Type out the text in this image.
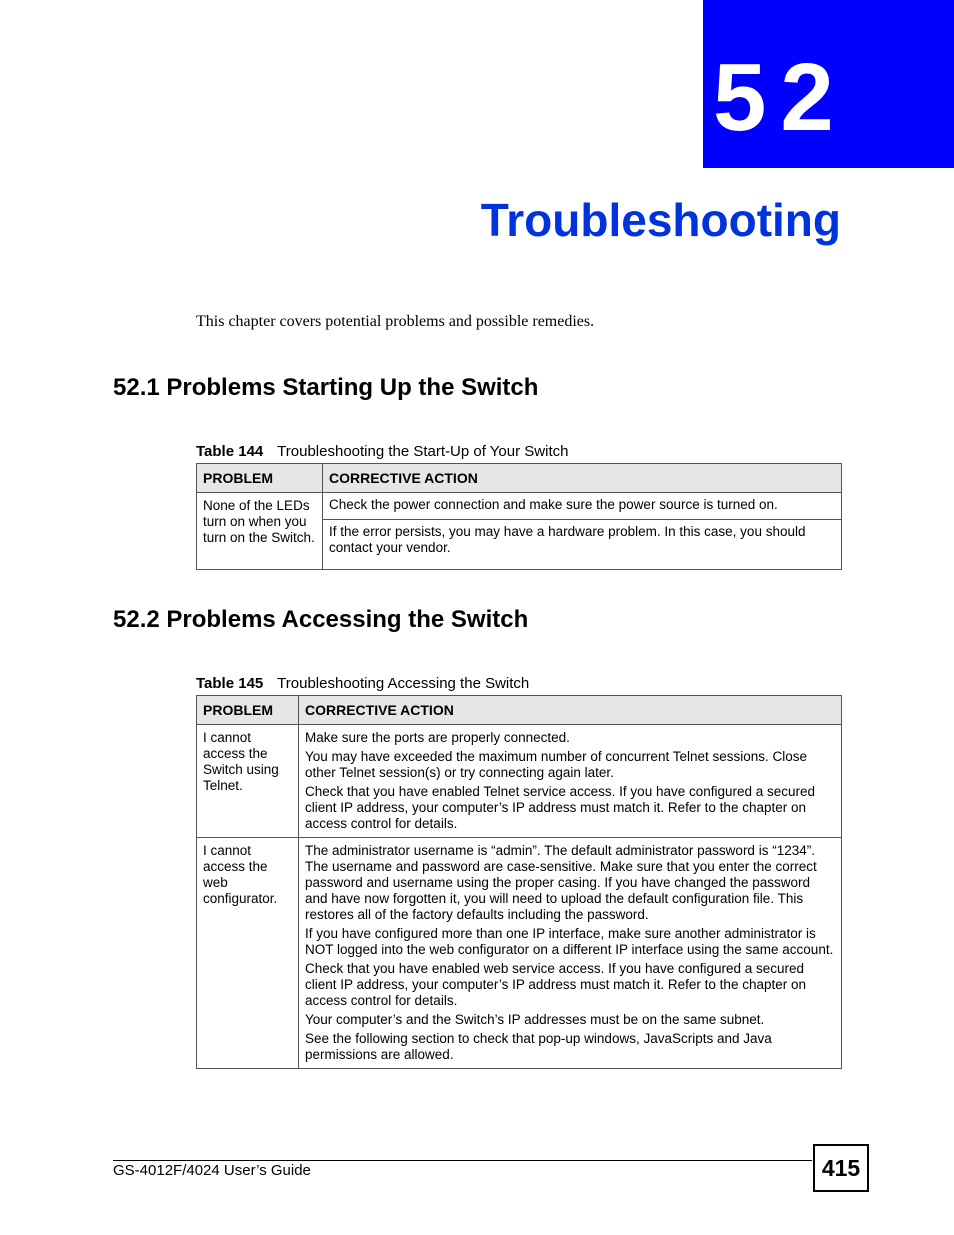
52
Troubleshooting
This chapter covers potential problems and possible remedies.
52.1 Problems Starting Up the Switch
Table 144 Troubleshooting the Start-Up of Your Switch
PROBLEM	CORRECTIVE ACTION
None of the LEDs turn on when you turn on the Switch.	Check the power connection and make sure the power source is turned on.
	If the error persists, you may have a hardware problem. In this case, you should contact your vendor.
52.2 Problems Accessing the Switch
Table 145 Troubleshooting Accessing the Switch
PROBLEM	CORRECTIVE ACTION
I cannot access the Switch using Telnet.	Make sure the ports are properly connected.

You may have exceeded the maximum number of concurrent Telnet sessions. Close other Telnet session(s) or try connecting again later.

Check that you have enabled Telnet service access. If you have configured a secured client IP address, your computer’s IP address must match it. Refer to the chapter on access control for details.

I cannot access the web configurator.	The administrator username is “admin”. The default administrator password is “1234”. The username and password are case-sensitive. Make sure that you enter the correct password and username using the proper casing. If you have changed the password and have now forgotten it, you will need to upload the default configuration file. This restores all of the factory defaults including the password.

If you have configured more than one IP interface, make sure another administrator is NOT logged into the web configurator on a different IP interface using the same account.

Check that you have enabled web service access. If you have configured a secured client IP address, your computer’s IP address must match it. Refer to the chapter on access control for details.

Your computer’s and the Switch’s IP addresses must be on the same subnet.

See the following section to check that pop-up windows, JavaScripts and Java permissions are allowed.

GS-4012F/4024 User’s Guide	415
